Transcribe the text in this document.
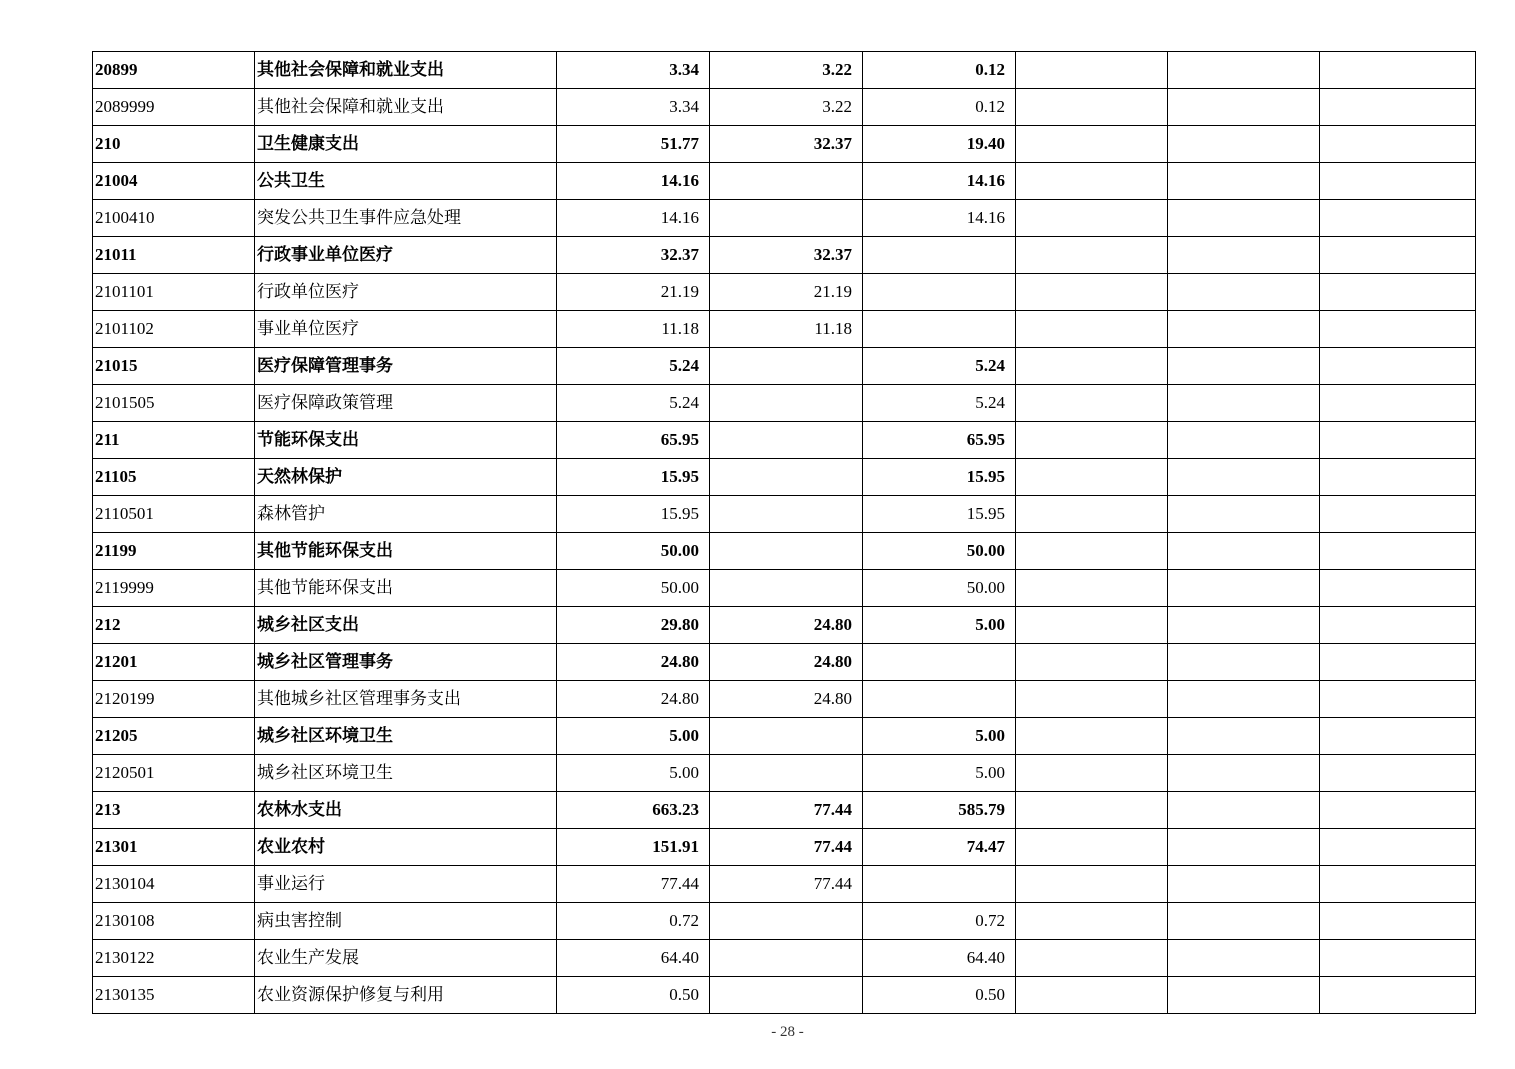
20899	其他社会保障和就业支出	3.34	3.22	0.12			
2089999	其他社会保障和就业支出	3.34	3.22	0.12			
210	卫生健康支出	51.77	32.37	19.40			
21004	公共卫生	14.16		14.16			
2100410	突发公共卫生事件应急处理	14.16		14.16			
21011	行政事业单位医疗	32.37	32.37				
2101101	行政单位医疗	21.19	21.19				
2101102	事业单位医疗	11.18	11.18				
21015	医疗保障管理事务	5.24		5.24			
2101505	医疗保障政策管理	5.24		5.24			
211	节能环保支出	65.95		65.95			
21105	天然林保护	15.95		15.95			
2110501	森林管护	15.95		15.95			
21199	其他节能环保支出	50.00		50.00			
2119999	其他节能环保支出	50.00		50.00			
212	城乡社区支出	29.80	24.80	5.00			
21201	城乡社区管理事务	24.80	24.80				
2120199	其他城乡社区管理事务支出	24.80	24.80				
21205	城乡社区环境卫生	5.00		5.00			
2120501	城乡社区环境卫生	5.00		5.00			
213	农林水支出	663.23	77.44	585.79			
21301	农业农村	151.91	77.44	74.47			
2130104	事业运行	77.44	77.44				
2130108	病虫害控制	0.72		0.72			
2130122	农业生产发展	64.40		64.40			
2130135	农业资源保护修复与利用	0.50		0.50			
- 28 -
